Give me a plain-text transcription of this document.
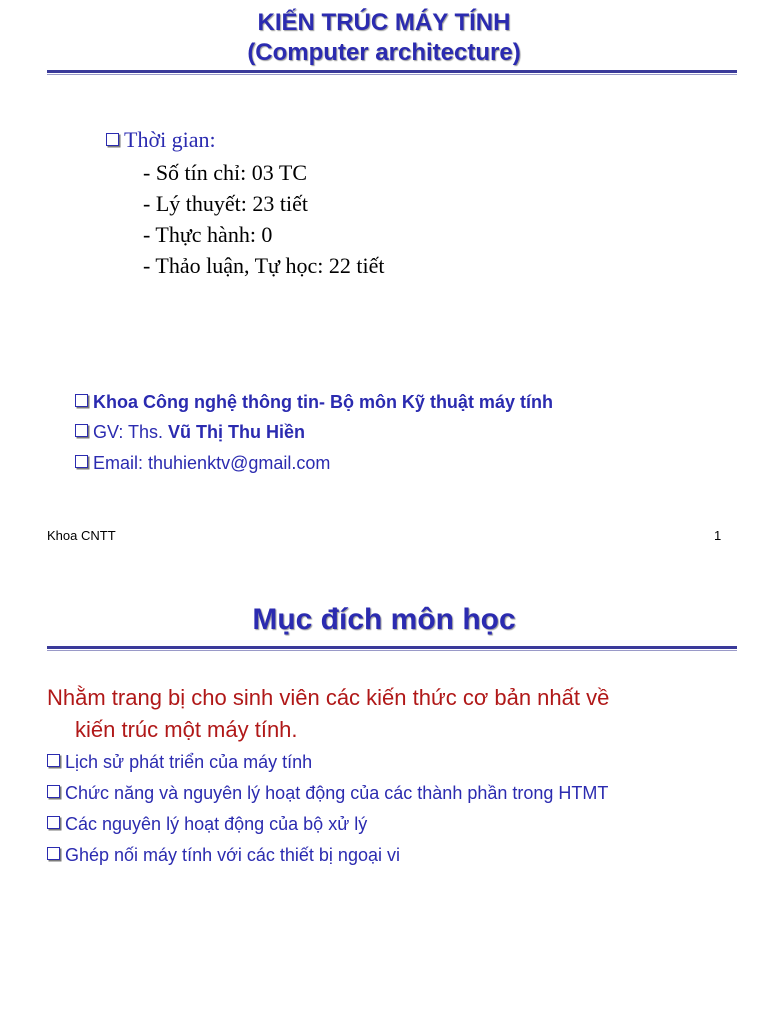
KIẾN TRÚC MÁY TÍNH
(Computer architecture)
Thời gian:
- Số tín chỉ: 03 TC
- Lý thuyết: 23 tiết
- Thực hành: 0
- Thảo luận, Tự học: 22 tiết
Khoa Công nghệ thông tin- Bộ môn Kỹ thuật máy tính
GV: Ths. Vũ Thị Thu Hiền
Email: thuhienktv@gmail.com
Khoa CNTT	1
Mục đích môn học
Nhằm trang bị cho sinh viên các kiến thức cơ bản nhất về
kiến trúc một máy tính.
Lịch sử phát triển của máy tính
Chức năng và nguyên lý hoạt động của các thành phần trong HTMT
Các nguyên lý hoạt động của bộ xử lý
Ghép nối máy tính với các thiết bị ngoại vi
